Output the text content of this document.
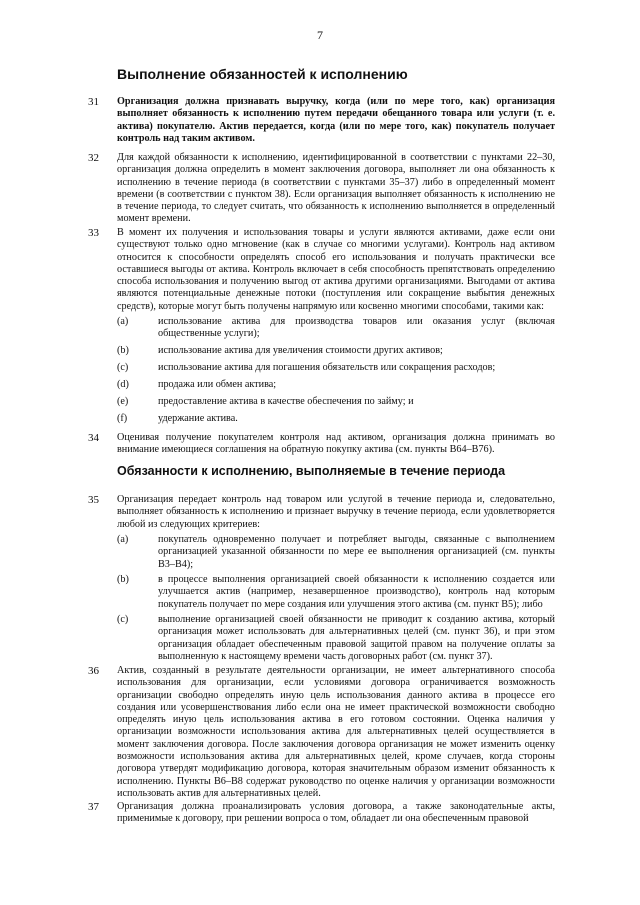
7
Выполнение обязанностей к исполнению
31 Организация должна признавать выручку, когда (или по мере того, как) организация выполняет обязанность к исполнению путем передачи обещанного товара или услуги (т. е. актива) покупателю. Актив передается, когда (или по мере того, как) покупатель получает контроль над таким активом.
32 Для каждой обязанности к исполнению, идентифицированной в соответствии с пунктами 22–30, организация должна определить в момент заключения договора, выполняет ли она обязанность к исполнению в течение периода (в соответствии с пунктами 35–37) либо в определенный момент времени (в соответствии с пунктом 38). Если организация выполняет обязанность к исполнению не в течение периода, то следует считать, что обязанность к исполнению выполняется в определенный момент времени.
33 В момент их получения и использования товары и услуги являются активами, даже если они существуют только одно мгновение (как в случае со многими услугами). Контроль над активом относится к способности определять способ его использования и получать практически все оставшиеся выгоды от актива. Контроль включает в себя способность препятствовать определению способа использования и получению выгод от актива другими организациями. Выгодами от актива являются потенциальные денежные потоки (поступления или сокращение выбытия денежных средств), которые могут быть получены напрямую или косвенно многими способами, такими как:
(a)	использование актива для производства товаров или оказания услуг (включая общественные услуги);
(b)	использование актива для увеличения стоимости других активов;
(c)	использование актива для погашения обязательств или сокращения расходов;
(d)	продажа или обмен актива;
(e)	предоставление актива в качестве обеспечения по займу; и
(f)	удержание актива.
34 Оценивая получение покупателем контроля над активом, организация должна принимать во внимание имеющиеся соглашения на обратную покупку актива (см. пункты B64–B76).
Обязанности к исполнению, выполняемые в течение периода
35 Организация передает контроль над товаром или услугой в течение периода и, следовательно, выполняет обязанность к исполнению и признает выручку в течение периода, если удовлетворяется любой из следующих критериев:
(a)	покупатель одновременно получает и потребляет выгоды, связанные с выполнением организацией указанной обязанности по мере ее выполнения организацией (см. пункты B3–B4);
(b)	в процессе выполнения организацией своей обязанности к исполнению создается или улучшается актив (например, незавершенное производство), контроль над которым покупатель получает по мере создания или улучшения этого актива (см. пункт B5); либо
(c)	выполнение организацией своей обязанности не приводит к созданию актива, который организация может использовать для альтернативных целей (см. пункт 36), и при этом организация обладает обеспеченным правовой защитой правом на получение оплаты за выполненную к настоящему времени часть договорных работ (см. пункт 37).
36 Актив, созданный в результате деятельности организации, не имеет альтернативного способа использования для организации, если условиями договора ограничивается возможность организации свободно определять иную цель использования данного актива в процессе его создания или усовершенствования либо если она не имеет практической возможности свободно определять иную цель использования актива в его готовом состоянии. Оценка наличия у организации возможности использования актива для альтернативных целей осуществляется в момент заключения договора. После заключения договора организация не может изменить оценку возможности использования актива для альтернативных целей, кроме случаев, когда стороны договора утвердят модификацию договора, которая значительным образом изменит обязанность к исполнению. Пункты B6–B8 содержат руководство по оценке наличия у организации возможности использовать актив для альтернативных целей.
37 Организация должна проанализировать условия договора, а также законодательные акты, применимые к договору, при решении вопроса о том, обладает ли она обеспеченным правовой
